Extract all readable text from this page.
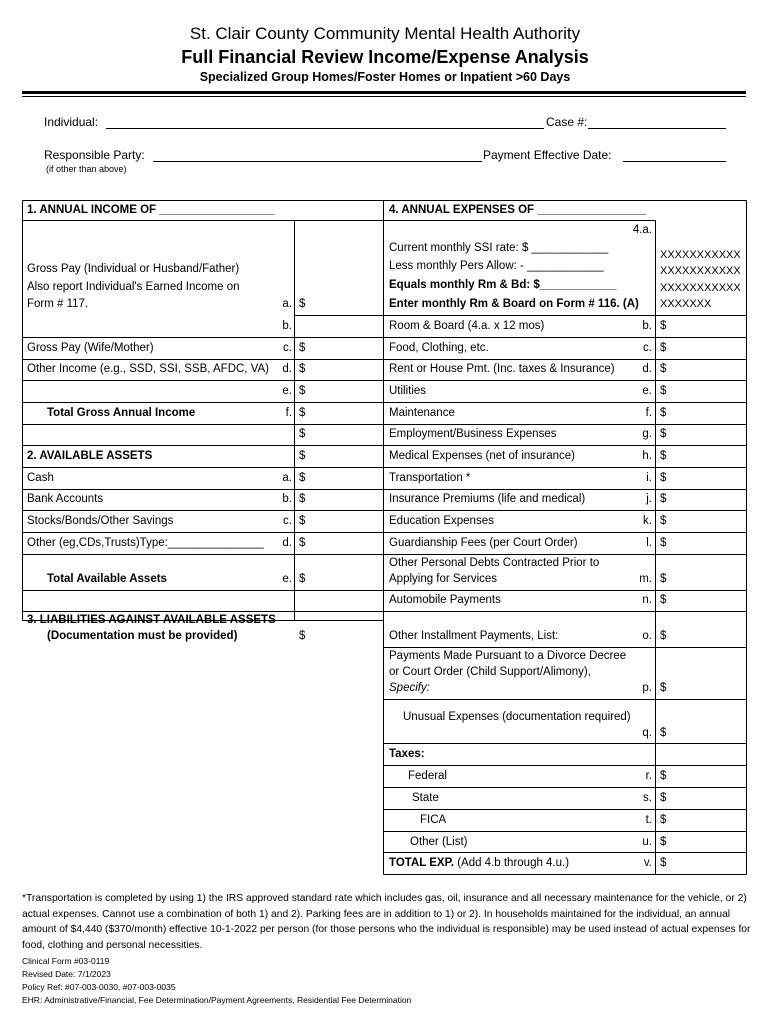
St. Clair County Community Mental Health Authority
Full Financial Review Income/Expense Analysis
Specialized Group Homes/Foster Homes or Inpatient >60 Days
Individual:	Case #:
Responsible Party:	Payment Effective Date:
(if other than above)
1. ANNUAL INCOME OF __________________
Gross Pay (Individual or Husband/Father)
Also report Individual's Earned Income on
Form # 117.	a. $
b.
Gross Pay (Wife/Mother)	c. $
Other Income (e.g., SSD, SSI, SSB, AFDC, VA)	d. $
e. $
Total Gross Annual Income	f. $
$
2. AVAILABLE ASSETS	$
Cash	a. $
Bank Accounts	b. $
Stocks/Bonds/Other Savings	c. $
Other (eg,CDs,Trusts)Type:_______________	d. $
Total Available Assets	e. $
3. LIABILITIES AGAINST AVAILABLE ASSETS
(Documentation must be provided)	$
4. ANNUAL EXPENSES OF _________________
4.a.
Current monthly SSI rate: $ ____________
Less monthly Pers Allow: - ____________
Equals monthly Rm & Bd: $____________
Enter monthly Rm & Board on Form # 116. (A)
XXXXXXXXXXX
XXXXXXXXXXX
XXXXXXXXXXX
XXXXXXX
Room & Board (4.a. x 12 mos)	b. $
Food, Clothing, etc.	c. $
Rent or House Pmt. (Inc. taxes & Insurance)	d. $
Utilities	e. $
Maintenance	f. $
Employment/Business Expenses	g. $
Medical Expenses (net of insurance)	h. $
Transportation *	i. $
Insurance Premiums (life and medical)	j. $
Education Expenses	k. $
Guardianship Fees (per Court Order)	l. $
Other Personal Debts Contracted Prior to
Applying for Services	m. $
Automobile Payments	n. $
Other Installment Payments, List:	o. $
Payments Made Pursuant to a Divorce Decree
or Court Order (Child Support/Alimony),
Specify:	p. $
Unusual Expenses (documentation required)
q. $
Taxes:
Federal	r. $
State	s. $
FICA	t. $
Other (List)	u. $
TOTAL EXP. (Add 4.b through 4.u.)	v. $
*Transportation is completed by using 1) the IRS approved standard rate which includes gas, oil, insurance and all necessary maintenance for the vehicle, or 2) actual expenses. Cannot use a combination of both 1) and 2). Parking fees are in addition to 1) or 2). In households maintained for the individual, an annual amount of $4,440 ($370/month) effective 10-1-2022 per person (for those persons who the individual is responsible) may be used instead of actual expenses for food, clothing and personal necessities.
Clinical Form #03-0119
Revised Date: 7/1/2023
Policy Ref: #07-003-0030, #07-003-0035
EHR: Administrative/Financial, Fee Determination/Payment Agreements, Residential Fee Determination
